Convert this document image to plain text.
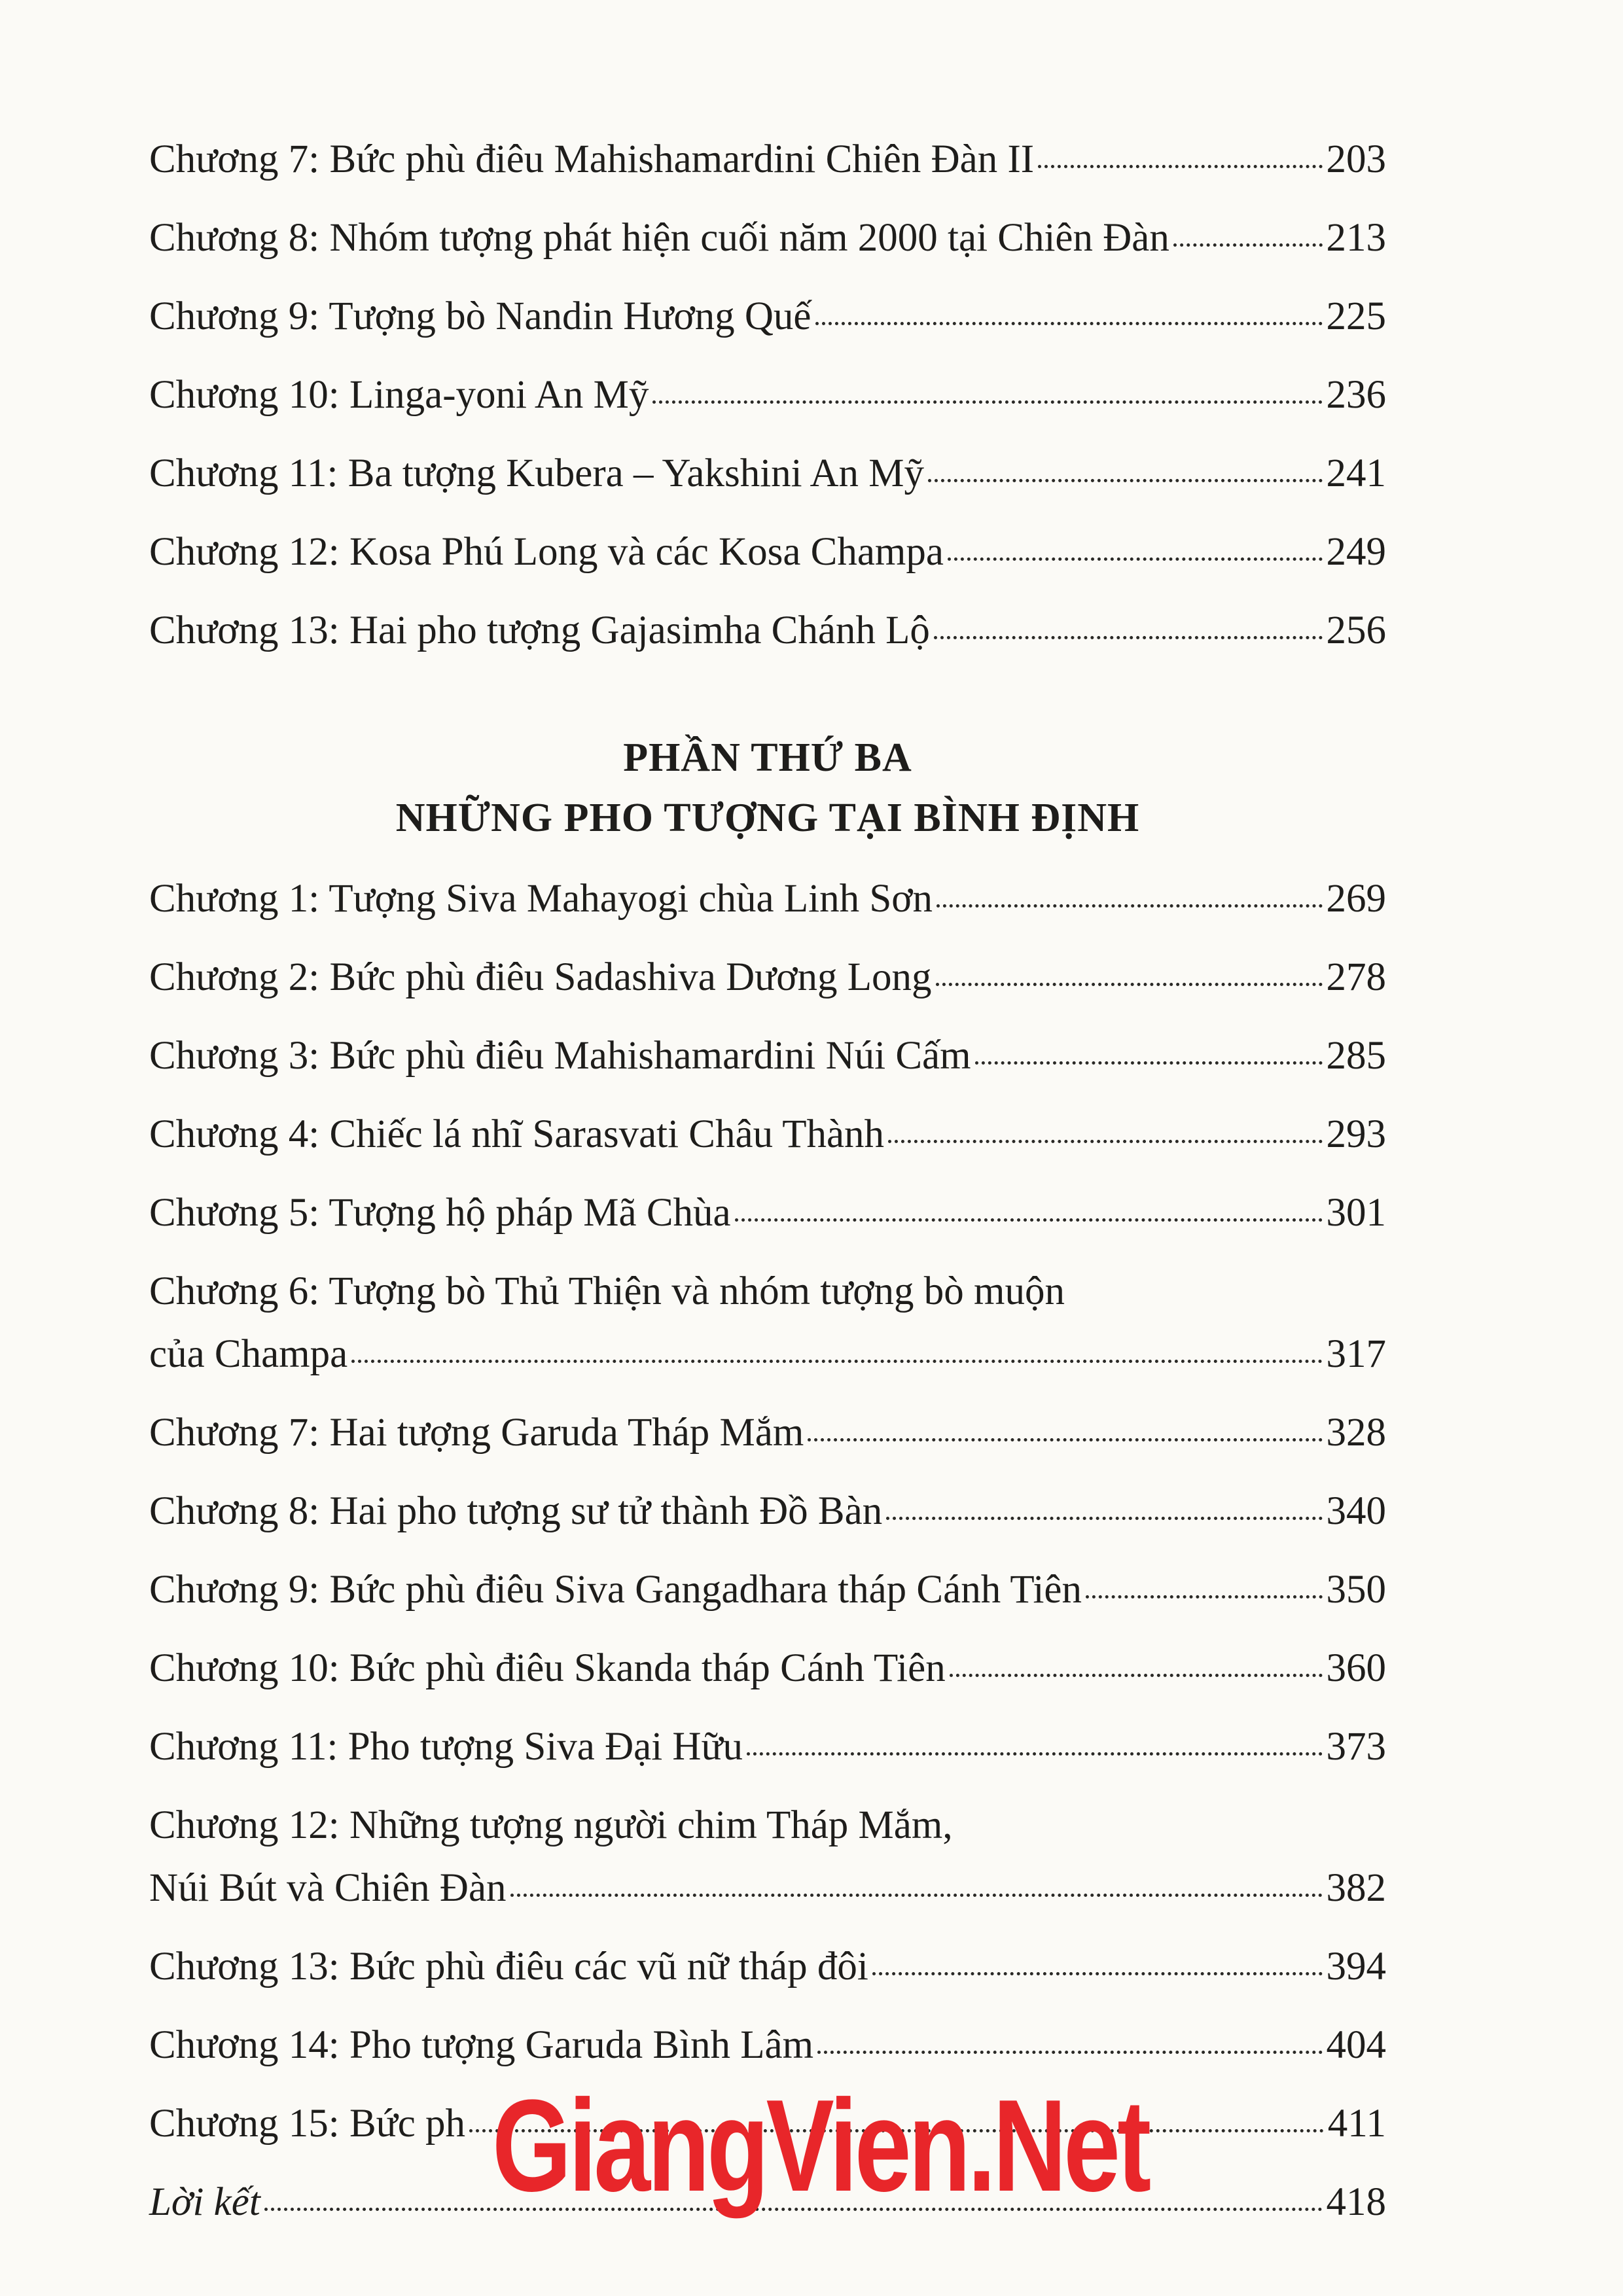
Chương 7: Bức phù điêu Mahishamardini Chiên Đàn II	203
Chương 8: Nhóm tượng phát hiện cuối năm 2000 tại Chiên Đàn	213
Chương 9: Tượng bò Nandin Hương Quế	225
Chương 10: Linga-yoni An Mỹ	236
Chương 11: Ba tượng Kubera – Yakshini An Mỹ	241
Chương 12: Kosa Phú Long và các Kosa Champa	249
Chương 13: Hai pho tượng Gajasimha Chánh Lộ	256
PHẦN THỨ BA
NHỮNG PHO TƯỢNG TẠI BÌNH ĐỊNH
Chương 1: Tượng Siva Mahayogi chùa Linh Sơn	269
Chương 2: Bức phù điêu Sadashiva Dương Long	278
Chương 3: Bức phù điêu Mahishamardini Núi Cấm	285
Chương 4: Chiếc lá nhĩ Sarasvati Châu Thành	293
Chương 5: Tượng hộ pháp Mã Chùa	301
Chương 6: Tượng bò Thủ Thiện và nhóm tượng bò muộn
của Champa	317
Chương 7: Hai tượng Garuda Tháp Mắm	328
Chương 8: Hai pho tượng sư tử thành Đồ Bàn	340
Chương 9: Bức phù điêu Siva Gangadhara tháp Cánh Tiên	350
Chương 10: Bức phù điêu Skanda tháp Cánh Tiên	360
Chương 11: Pho tượng Siva Đại Hữu	373
Chương 12: Những tượng người chim Tháp Mắm,
Núi Bút và Chiên Đàn	382
Chương 13: Bức phù điêu các vũ nữ tháp đôi	394
Chương 14: Pho tượng Garuda Bình Lâm	404
Chương 15: Bức ph	411
Lời kết	418
GiangVien.Net
